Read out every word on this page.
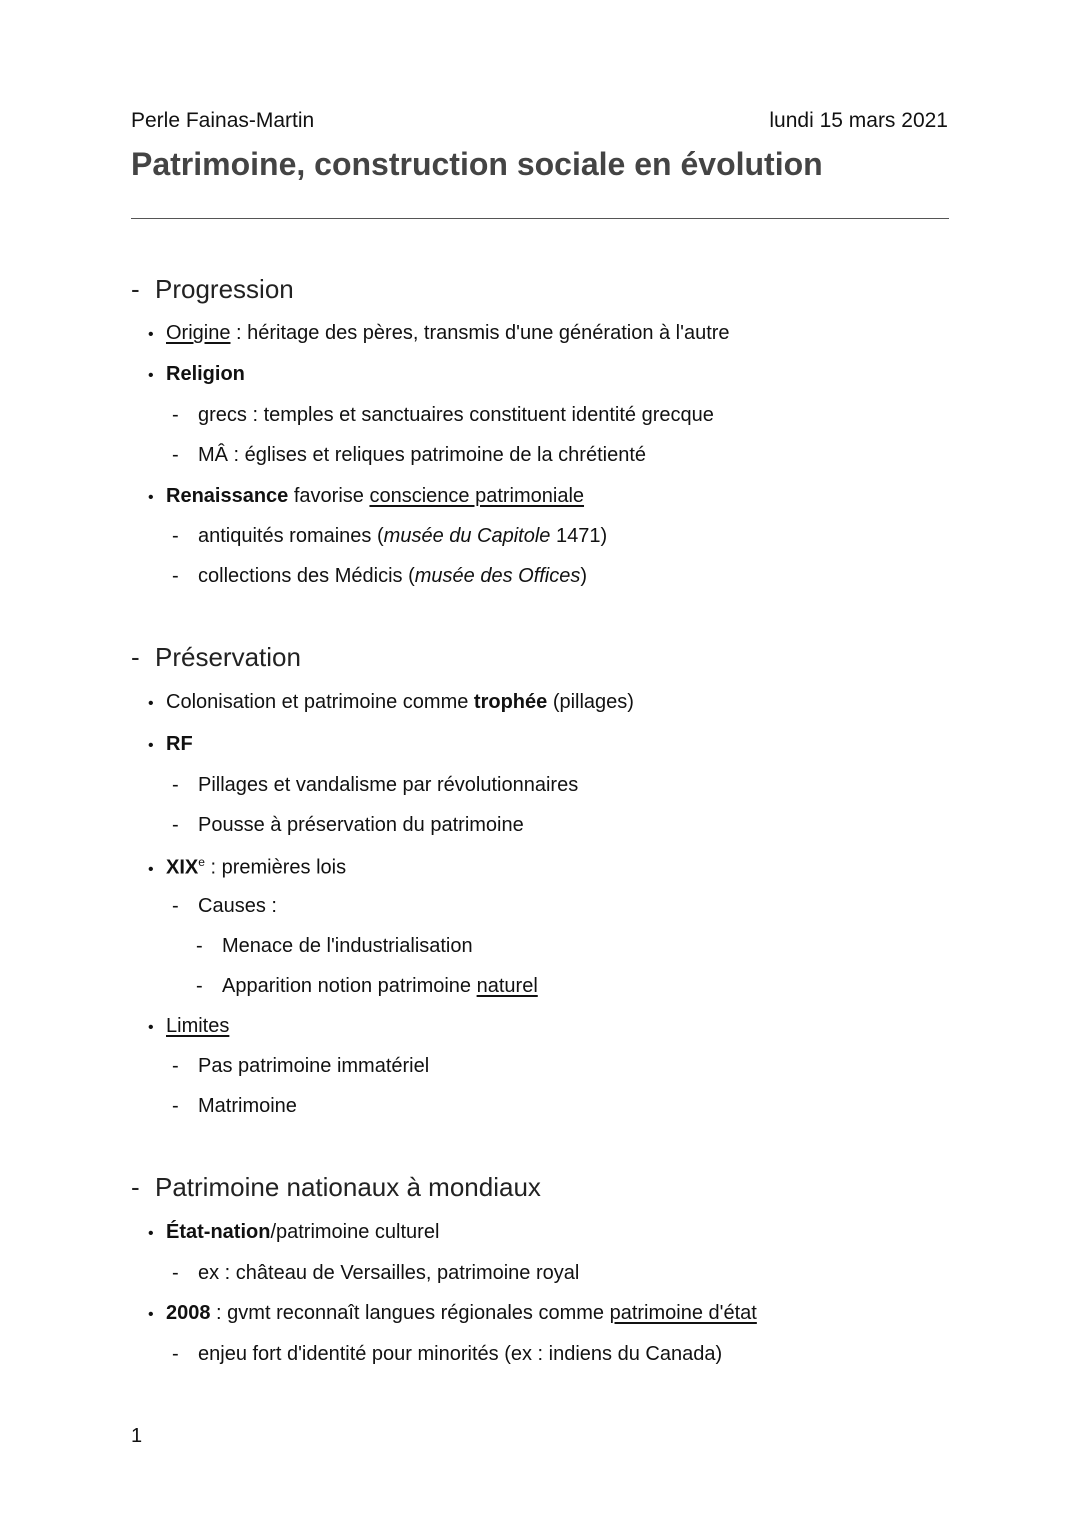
Perle Fainas-Martin	lundi 15 mars 2021
Patrimoine, construction sociale en évolution
- Progression
• Origine : héritage des pères, transmis d'une génération à l'autre
• Religion
- grecs : temples et sanctuaires constituent identité grecque
- MÂ : églises et reliques patrimoine de la chrétienté
• Renaissance favorise conscience patrimoniale
- antiquités romaines (musée du Capitole 1471)
- collections des Médicis (musée des Offices)
- Préservation
• Colonisation et patrimoine comme trophée (pillages)
• RF
- Pillages et vandalisme par révolutionnaires
- Pousse à préservation du patrimoine
• XIXe : premières lois
- Causes :
- Menace de l'industrialisation
- Apparition notion patrimoine naturel
• Limites
- Pas patrimoine immatériel
- Matrimoine
- Patrimoine nationaux à mondiaux
• État-nation/patrimoine culturel
- ex : château de Versailles, patrimoine royal
• 2008 : gvmt reconnaît langues régionales comme patrimoine d'état
- enjeu fort d'identité pour minorités (ex : indiens du Canada)
1
